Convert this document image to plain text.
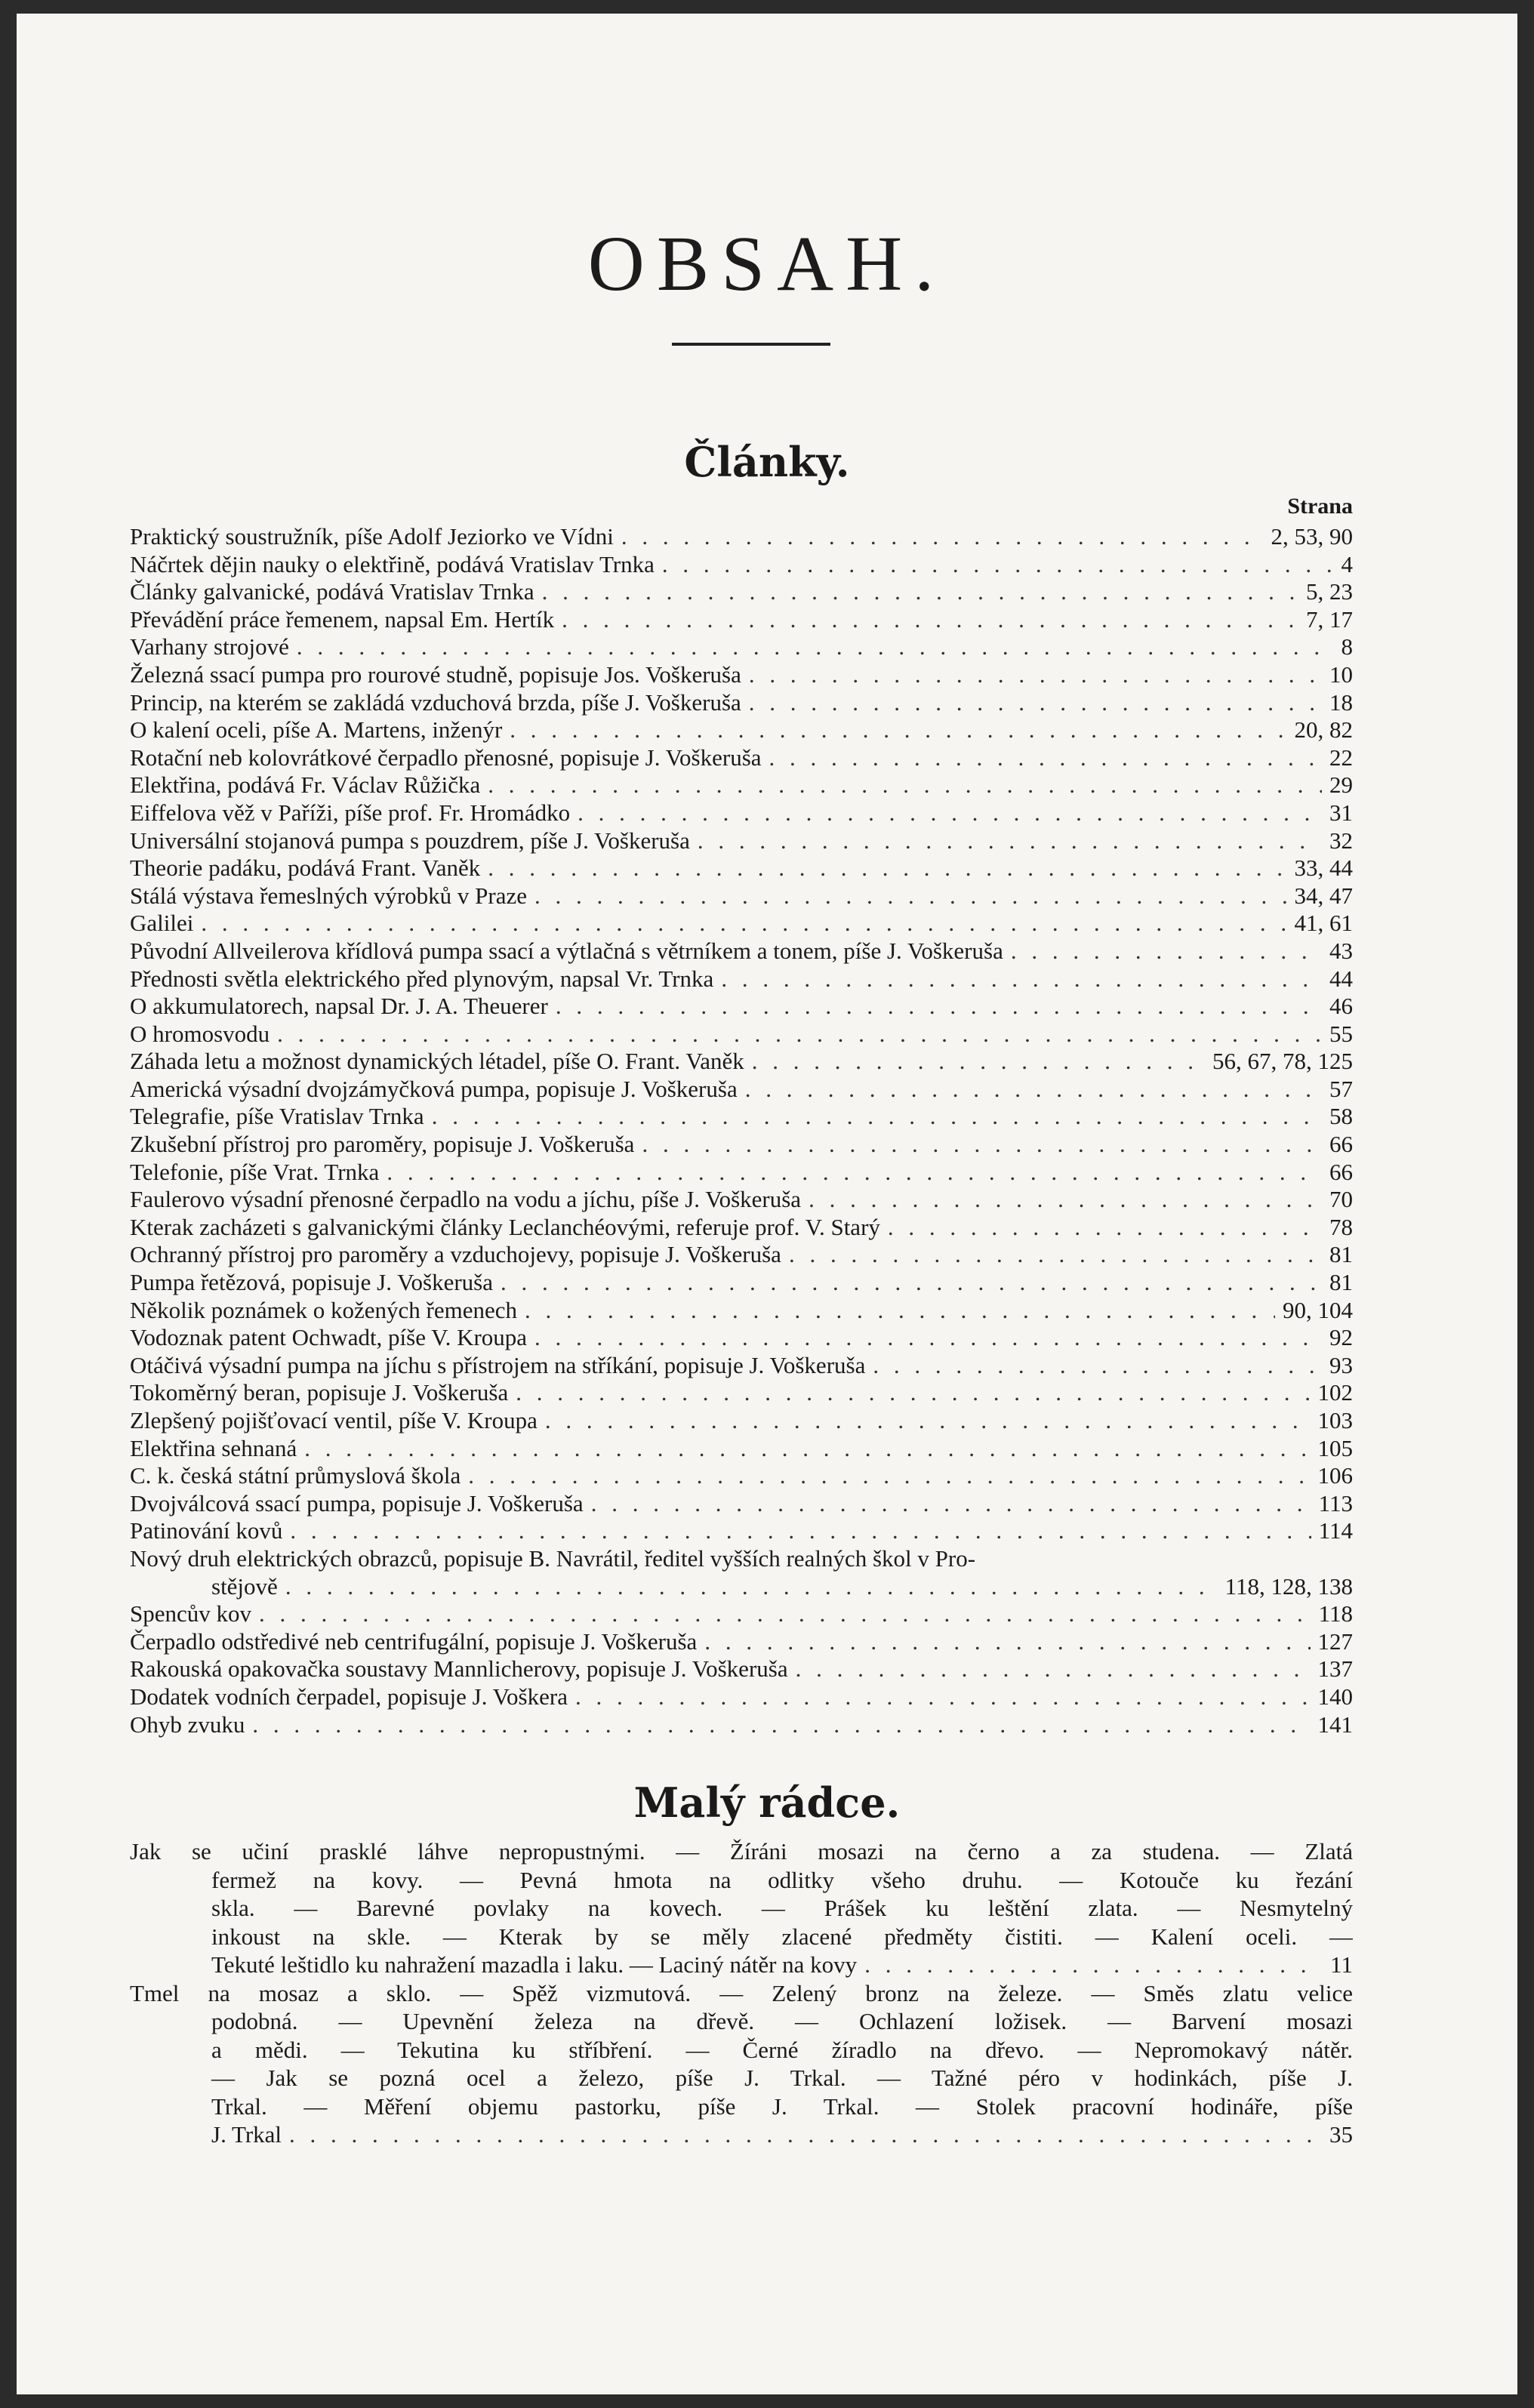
OBSAH.
Články.
Strana
Praktický soustružník, píše Adolf Jeziorko ve Vídni . . .	2, 53, 90
Náčrtek dějin nauky o elektřině, podává Vratislav Trnka . . .	4
Články galvanické, podává Vratislav Trnka . . .	5, 23
Převádění práce řemenem, napsal Em. Hertík . . .	7, 17
Varhany strojové . . .	8
Železná ssací pumpa pro rourové studně, popisuje Jos. Voškeruša . . .	10
Princip, na kterém se zakládá vzduchová brzda, píše J. Voškeruša . . .	18
O kalení oceli, píše A. Martens, inženýr . . .	20, 82
Rotační neb kolovrátkové čerpadlo přenosné, popisuje J. Voškeruša . . .	22
Elektřina, podává Fr. Václav Růžička . . .	29
Eiffelova věž v Paříži, píše prof. Fr. Hromádko . . .	31
Universální stojanová pumpa s pouzdrem, píše J. Voškeruša . . .	32
Theorie padáku, podává Frant. Vaněk . . .	33, 44
Stálá výstava řemeslných výrobků v Praze . . .	34, 47
Galilei . . .	41, 61
Původní Allveilerova křídlová pumpa ssací a výtlačná s větrníkem a tonem, píše J. Voškeruša . . .	43
Přednosti světla elektrického před plynovým, napsal Vr. Trnka . . .	44
O akkumulatorech, napsal Dr. J. A. Theuerer . . .	46
O hromosvodu . . .	55
Záhada letu a možnost dynamických létadel, píše O. Frant. Vaněk . . .	56, 67, 78, 125
Americká výsadní dvojzámyčková pumpa, popisuje J. Voškeruša . . .	57
Telegrafie, píše Vratislav Trnka . . .	58
Zkušební přístroj pro paroměry, popisuje J. Voškeruša . . .	66
Telefonie, píše Vrat. Trnka . . .	66
Faulerovo výsadní přenosné čerpadlo na vodu a jíchu, píše J. Voškeruša . . .	70
Kterak zacházeti s galvanickými články Leclanchéovými, referuje prof. V. Starý . . .	78
Ochranný přístroj pro paroměry a vzduchojevy, popisuje J. Voškeruša . . .	81
Pumpa řetězová, popisuje J. Voškeruša . . .	81
Několik poznámek o kožených řemenech . . .	90, 104
Vodoznak patent Ochwadt, píše V. Kroupa . . .	92
Otáčivá výsadní pumpa na jíchu s přístrojem na stříkání, popisuje J. Voškeruša . . .	93
Tokoměrný beran, popisuje J. Voškeruša . . .	102
Zlepšený pojišťovací ventil, píše V. Kroupa . . .	103
Elektřina sehnaná . . .	105
C. k. česká státní průmyslová škola . . .	106
Dvojválcová ssací pumpa, popisuje J. Voškeruša . . .	113
Patinování kovů . . .	114
Nový druh elektrických obrazců, popisuje B. Navrátil, ředitel vyšších realných škol v Pro-
stějově . . .	118, 128, 138
Spencův kov . . .	118
Čerpadlo odstředivé neb centrifugální, popisuje J. Voškeruša . . .	127
Rakouská opakovačka soustavy Mannlicherovy, popisuje J. Voškeruša . . .	137
Dodatek vodních čerpadel, popisuje J. Voškera . . .	140
Ohyb zvuku . . .	141
Malý rádce.
Jak se učiní prasklé láhve nepropustnými. — Žíráni mosazi na černo a za studena. — Zlatá
fermež na kovy. — Pevná hmota na odlitky všeho druhu. — Kotouče ku řezání
skla. — Barevné povlaky na kovech. — Prášek ku leštění zlata. — Nesmytelný
inkoust na skle. — Kterak by se měly zlacené předměty čistiti. — Kalení oceli. —
Tekuté leštidlo ku nahražení mazadla i laku. — Laciný nátěr na kovy . . .	11
Tmel na mosaz a sklo. — Spěž vizmutová. — Zelený bronz na železe. — Směs zlatu velice
podobná. — Upevnění železa na dřevě. — Ochlazení ložisek. — Barvení mosazi
a mědi. — Tekutina ku stříbření. — Černé žíradlo na dřevo. — Nepromokavý nátěr.
— Jak se pozná ocel a železo, píše J. Trkal. — Tažné péro v hodinkách, píše J.
Trkal. — Měření objemu pastorku, píše J. Trkal. — Stolek pracovní hodináře, píše
J. Trkal . . .	35
